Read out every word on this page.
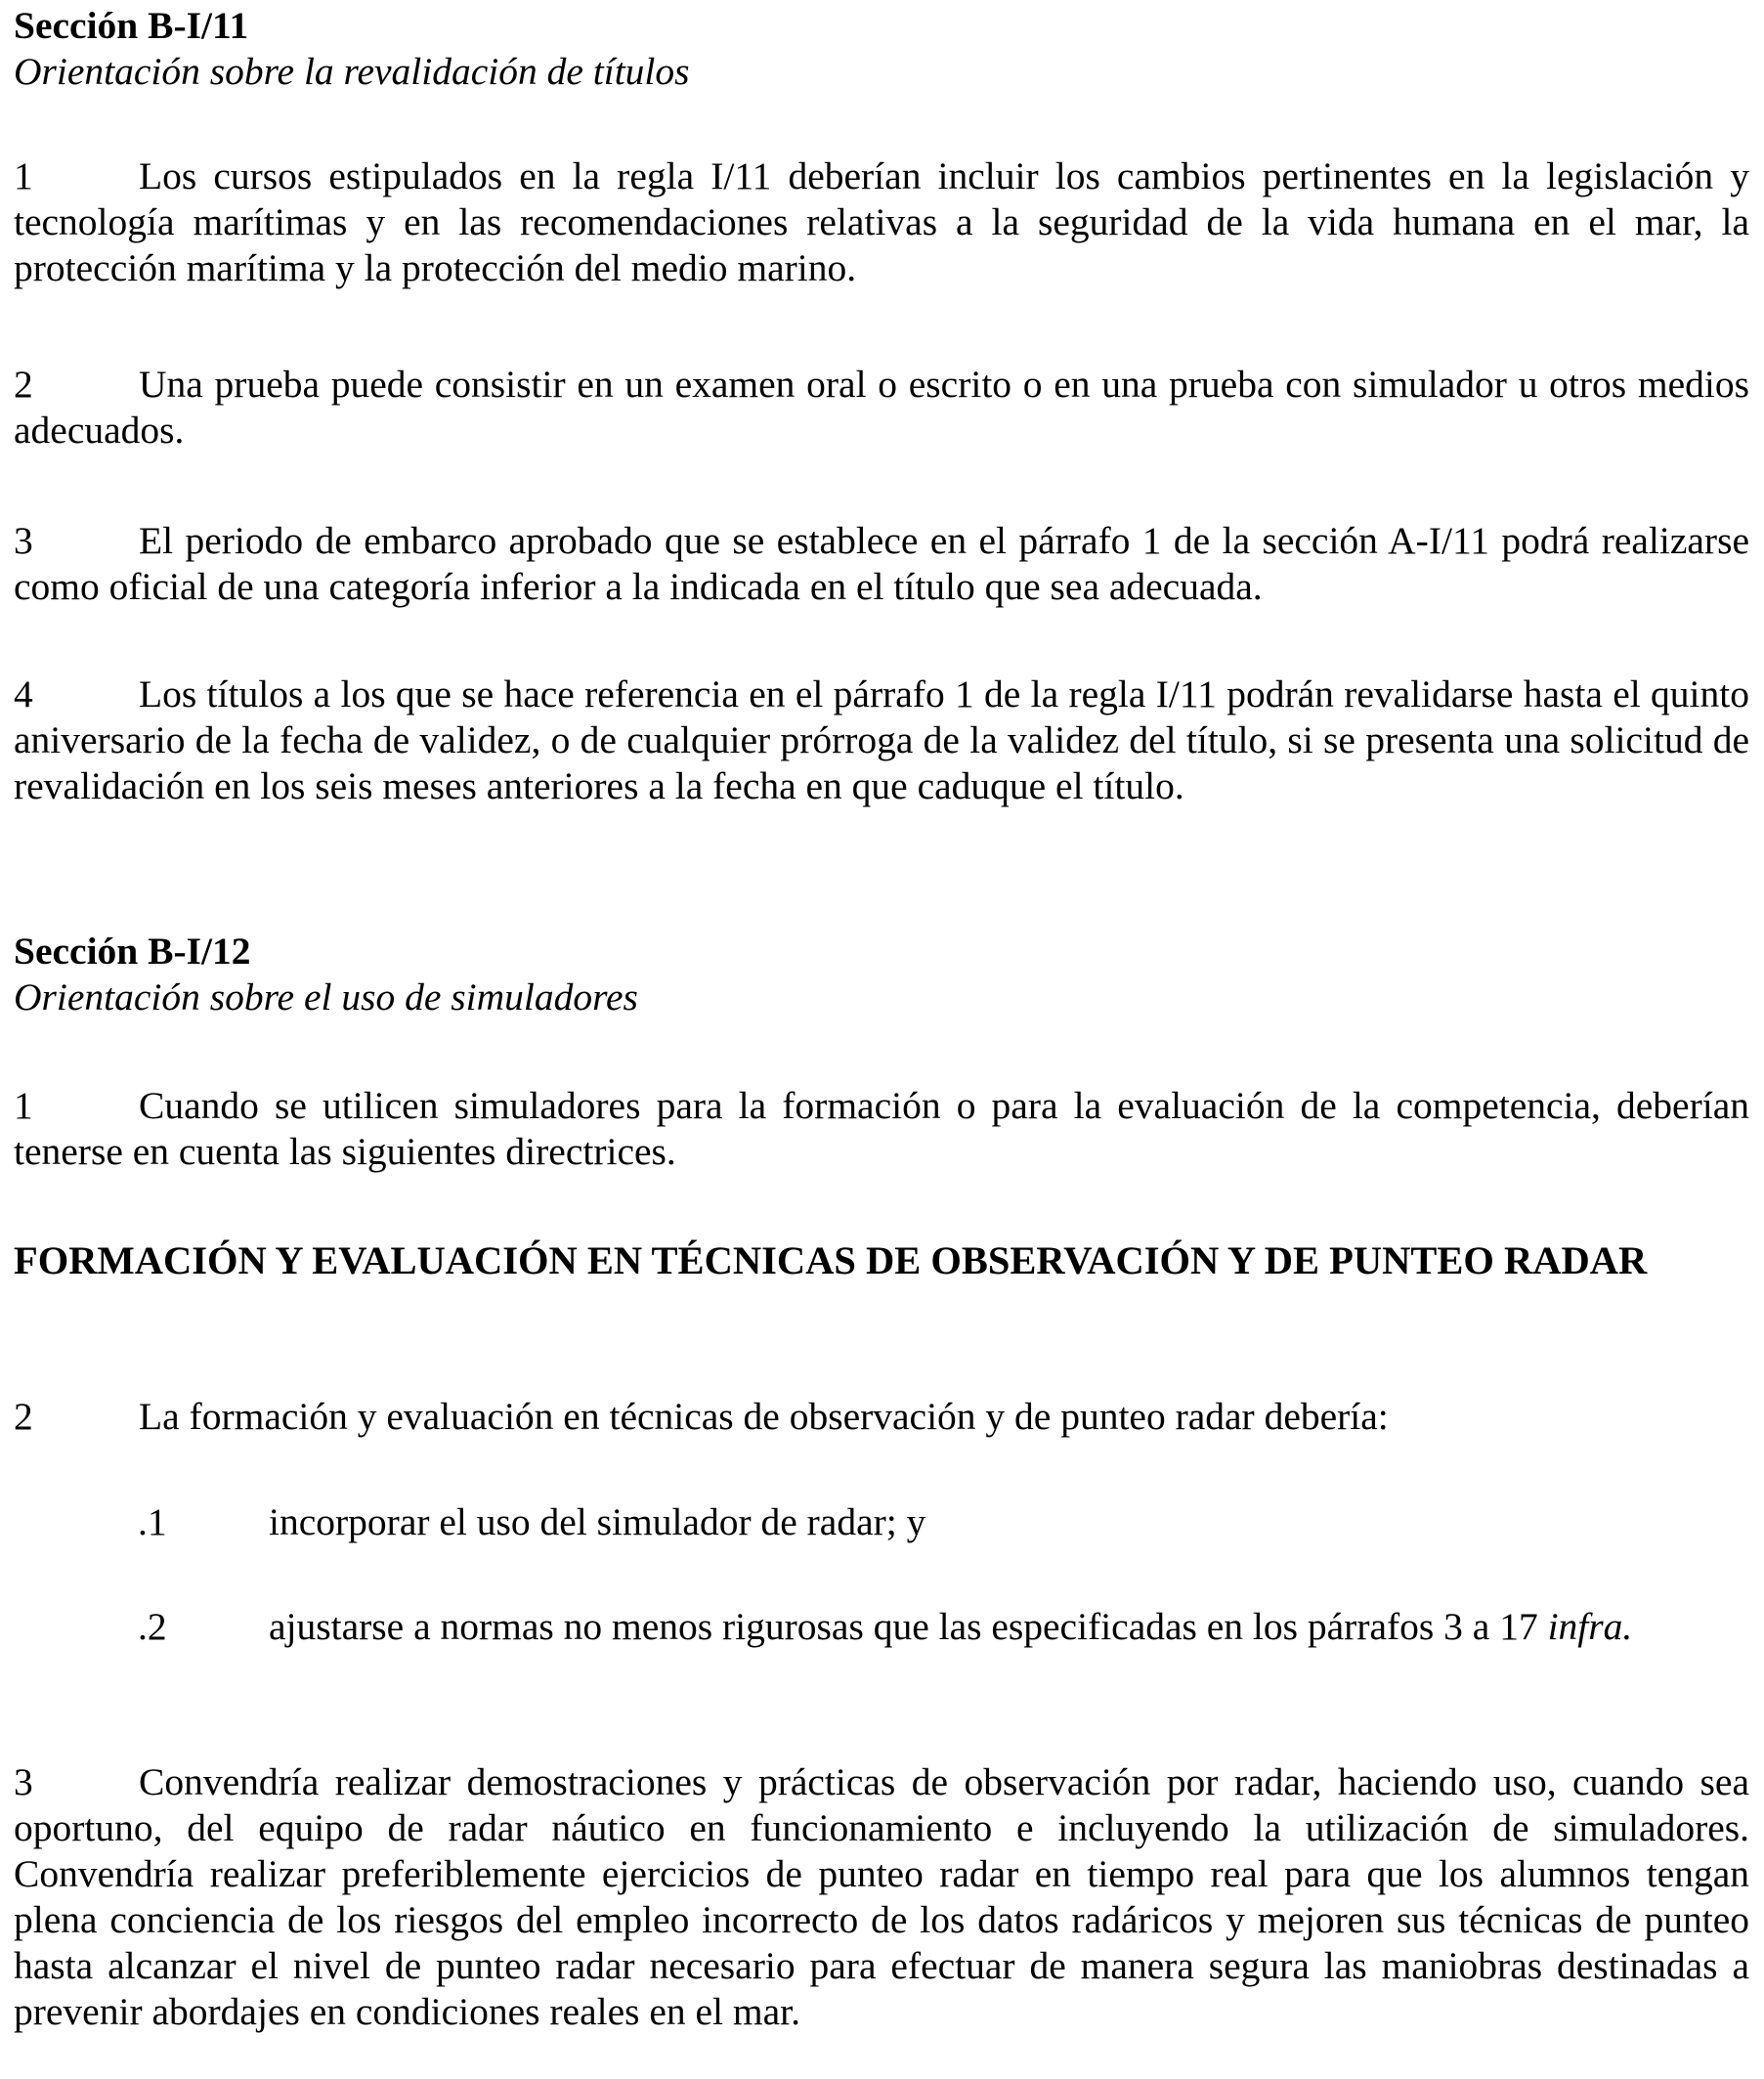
Sección B-I/11

Orientación sobre la revalidación de títulos

1	Los cursos estipulados en la regla I/11 deberían incluir los cambios pertinentes en la legislación y tecnología marítimas y en las recomendaciones relativas a la seguridad de la vida humana en el mar, la protección marítima y la protección del medio marino.

2	Una prueba puede consistir en un examen oral o escrito o en una prueba con simulador u otros medios adecuados.

3	El periodo de embarco aprobado que se establece en el párrafo 1 de la sección A-I/11 podrá realizarse como oficial de una categoría inferior a la indicada en el título que sea adecuada.

4	Los títulos a los que se hace referencia en el párrafo 1 de la regla I/11 podrán revalidarse hasta el quinto aniversario de la fecha de validez, o de cualquier prórroga de la validez del título, si se presenta una solicitud de revalidación en los seis meses anteriores a la fecha en que caduque el título.

Sección B-I/12

Orientación sobre el uso de simuladores

1	Cuando se utilicen simuladores para la formación o para la evaluación de la competencia, deberían tenerse en cuenta las siguientes directrices.

FORMACIÓN Y EVALUACIÓN EN TÉCNICAS DE OBSERVACIÓN Y DE PUNTEO RADAR

2	La formación y evaluación en técnicas de observación y de punteo radar debería:

.1	incorporar el uso del simulador de radar; y

.2	ajustarse a normas no menos rigurosas que las especificadas en los párrafos 3 a 17 infra.

3	Convendría realizar demostraciones y prácticas de observación por radar, haciendo uso, cuando sea oportuno, del equipo de radar náutico en funcionamiento e incluyendo la utilización de simuladores. Convendría realizar preferiblemente ejercicios de punteo radar en tiempo real para que los alumnos tengan plena conciencia de los riesgos del empleo incorrecto de los datos radáricos y mejoren sus técnicas de punteo hasta alcanzar el nivel de punteo radar necesario para efectuar de manera segura las maniobras destinadas a prevenir abordajes en condiciones reales en el mar.
